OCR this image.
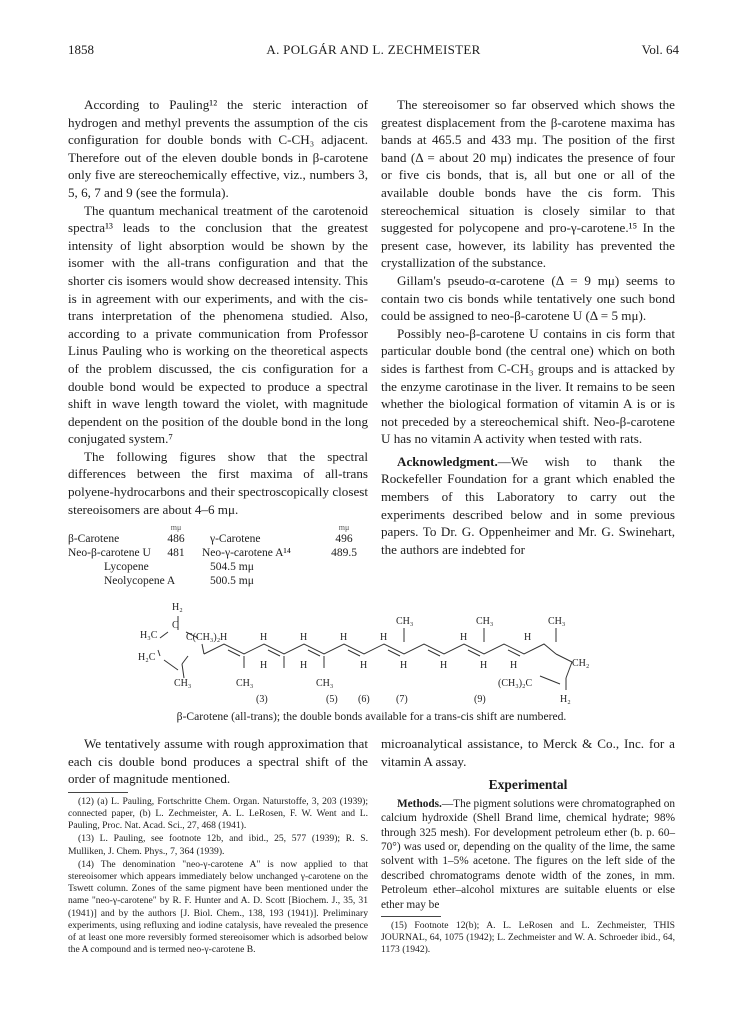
1858	A. POLGÁR AND L. ZECHMEISTER	Vol. 64

According to Pauling¹² the steric interaction of hydrogen and methyl prevents the assumption of the cis configuration for double bonds with C-CH₃ adjacent. Therefore out of the eleven double bonds in β-carotene only five are stereochemically effective, viz., numbers 3, 5, 6, 7 and 9 (see the formula).

The quantum mechanical treatment of the carotenoid spectra¹³ leads to the conclusion that the greatest intensity of light absorption would be shown by the isomer with the all-trans configuration and that the shorter cis isomers would show decreased intensity. This is in agreement with our experiments, and with the cis-trans interpretation of the phenomena studied. Also, according to a private communication from Professor Linus Pauling who is working on the theoretical aspects of the problem discussed, the cis configuration for a double bond would be expected to produce a spectral shift in wave length toward the violet, with magnitude dependent on the position of the double bond in the long conjugated system.⁷

The following figures show that the spectral differences between the first maxima of all-trans polyene-hydrocarbons and their spectroscopically closest stereoisomers are about 4–6 mμ.

	mμ		mμ
β-Carotene	486	γ-Carotene	496
Neo-β-carotene U	481	Neo-γ-carotene A¹⁴	489.5
Lycopene		504.5 mμ	
Neolycopene A		500.5 mμ	

The stereoisomer so far observed which shows the greatest displacement from the β-carotene maxima has bands at 465.5 and 433 mμ. The position of the first band (Δ = about 20 mμ) indicates the presence of four or five cis bonds, that is, all but one or all of the available double bonds have the cis form. This stereochemical situation is closely similar to that suggested for polycopene and pro-γ-carotene.¹⁵ In the present case, however, its lability has prevented the crystallization of the substance.

Gillam's pseudo-α-carotene (Δ = 9 mμ) seems to contain two cis bonds while tentatively one such bond could be assigned to neo-β-carotene U (Δ = 5 mμ).

Possibly neo-β-carotene U contains in cis form that particular double bond (the central one) which on both sides is farthest from C-CH₃ groups and is attacked by the enzyme carotinase in the liver. It remains to be seen whether the biological formation of vitamin A is or is not preceded by a stereochemical shift. Neo-β-carotene U has no vitamin A activity when tested with rats.

Acknowledgment.—We wish to thank the Rockefeller Foundation for a grant which enabled the members of this Laboratory to carry out the experiments described below and in some previous papers. To Dr. G. Oppenheimer and Mr. G. Swinehart, the authors are indebted for

H₂
C
H₃C	C(CH₃)₂
H₂C
CH₃	CH₃	CH₃
CH₃	CH₃	CH₃
(CH₃)₂C
CH₂
H₂
H	H	H	H	H	H	H
H	H	H	H	H	H H
(3)	(5) (6)	(7)	(9)
β-Carotene (all-trans); the double bonds available for a trans-cis shift are numbered.

We tentatively assume with rough approximation that each cis double bond produces a spectral shift of the order of magnitude mentioned.

(12) (a) L. Pauling, Fortschritte Chem. Organ. Naturstoffe, 3, 203 (1939); connected paper, (b) L. Zechmeister, A. L. LeRosen, F. W. Went and L. Pauling, Proc. Nat. Acad. Sci., 27, 468 (1941).

(13) L. Pauling, see footnote 12b, and ibid., 25, 577 (1939); R. S. Mulliken, J. Chem. Phys., 7, 364 (1939).

(14) The denomination "neo-γ-carotene A" is now applied to that stereoisomer which appears immediately below unchanged γ-carotene on the Tswett column. Zones of the same pigment have been mentioned under the name "neo-γ-carotene" by R. F. Hunter and A. D. Scott [Biochem. J., 35, 31 (1941)] and by the authors [J. Biol. Chem., 138, 193 (1941)]. Preliminary experiments, using refluxing and iodine catalysis, have revealed the presence of at least one more reversibly formed stereoisomer which is adsorbed below the A compound and is termed neo-γ-carotene B.

microanalytical assistance, to Merck & Co., Inc. for a vitamin A assay.

Experimental

Methods.—The pigment solutions were chromatographed on calcium hydroxide (Shell Brand lime, chemical hydrate; 98% through 325 mesh). For development petroleum ether (b. p. 60–70°) was used or, depending on the quality of the lime, the same solvent with 1–5% acetone. The figures on the left side of the described chromatograms denote width of the zones, in mm. Petroleum ether–alcohol mixtures are suitable eluents or else ether may be

(15) Footnote 12(b); A. L. LeRosen and L. Zechmeister, THIS JOURNAL, 64, 1075 (1942); L. Zechmeister and W. A. Schroeder ibid., 64, 1173 (1942).
